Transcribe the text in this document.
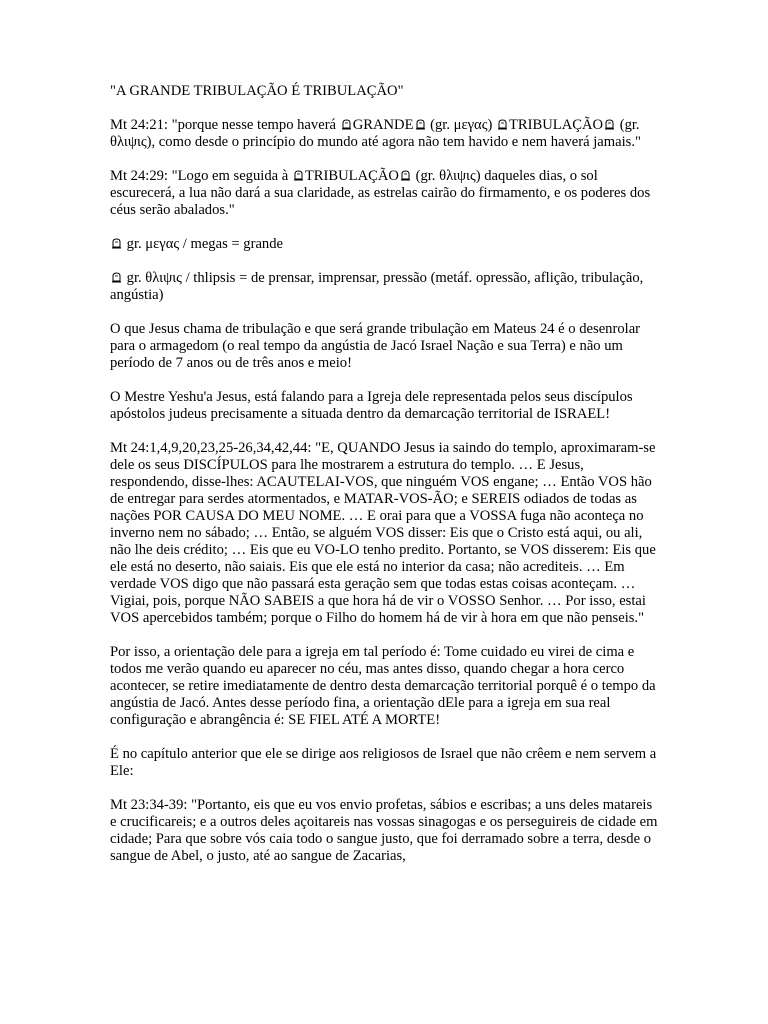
"A GRANDE TRIBULAÇÃO É TRIBULAÇÃO"

Mt 24:21: "porque nesse tempo haverá
GRANDE
(gr. μεγας)
TRIBULAÇÃO
(gr. θλιψις), como desde o princípio do mundo até agora não tem havido e nem haverá jamais."

Mt 24:29: "Logo em seguida à
TRIBULAÇÃO
(gr. θλιψις) daqueles dias, o sol escurecerá, a lua não dará a sua claridade, as estrelas cairão do firmamento, e os poderes dos céus serão abalados."

gr. μεγας / megas = grande

gr. θλιψις / thlipsis = de prensar, imprensar, pressão (metáf. opressão, aflição, tribulação, angústia)

O que Jesus chama de tribulação e que será grande tribulação em Mateus 24 é o desenrolar para o armagedom (o real tempo da angústia de Jacó Israel Nação e sua Terra) e não um período de 7 anos ou de três anos e meio!

O Mestre Yeshu'a Jesus, está falando para a Igreja dele representada pelos seus discípulos apóstolos judeus precisamente a situada dentro da demarcação territorial de ISRAEL!

Mt 24:1,4,9,20,23,25-26,34,42,44: "E, QUANDO Jesus ia saindo do templo, aproximaram-se dele os seus DISCÍPULOS para lhe mostrarem a estrutura do templo. … E Jesus, respondendo, disse-lhes: ACAUTELAI-VOS, que ninguém VOS engane; … Então VOS hão de entregar para serdes atormentados, e MATAR-VOS-ÃO; e SEREIS odiados de todas as nações POR CAUSA DO MEU NOME. … E orai para que a VOSSA fuga não aconteça no inverno nem no sábado; … Então, se alguém VOS disser: Eis que o Cristo está aqui, ou ali, não lhe deis crédito; … Eis que eu VO-LO tenho predito. Portanto, se VOS disserem: Eis que ele está no deserto, não saiais. Eis que ele está no interior da casa; não acrediteis. … Em verdade VOS digo que não passará esta geração sem que todas estas coisas aconteçam. … Vigiai, pois, porque NÃO SABEIS a que hora há de vir o VOSSO Senhor. … Por isso, estai VOS apercebidos também; porque o Filho do homem há de vir à hora em que não penseis."

Por isso, a orientação dele para a igreja em tal período é: Tome cuidado eu virei de cima e todos me verão quando eu aparecer no céu, mas antes disso, quando chegar a hora cerco acontecer, se retire imediatamente de dentro desta demarcação territorial porquê é o tempo da angústia de Jacó. Antes desse período fina, a orientação dEle para a igreja em sua real configuração e abrangência é: SE FIEL ATÉ A MORTE!

É no capítulo anterior que ele se dirige aos religiosos de Israel que não crêem e nem servem a Ele:

Mt 23:34-39: "Portanto, eis que eu vos envio profetas, sábios e escribas; a uns deles matareis e crucificareis; e a outros deles açoitareis nas vossas sinagogas e os perseguireis de cidade em cidade; Para que sobre vós caia todo o sangue justo, que foi derramado sobre a terra, desde o sangue de Abel, o justo, até ao sangue de Zacarias,
